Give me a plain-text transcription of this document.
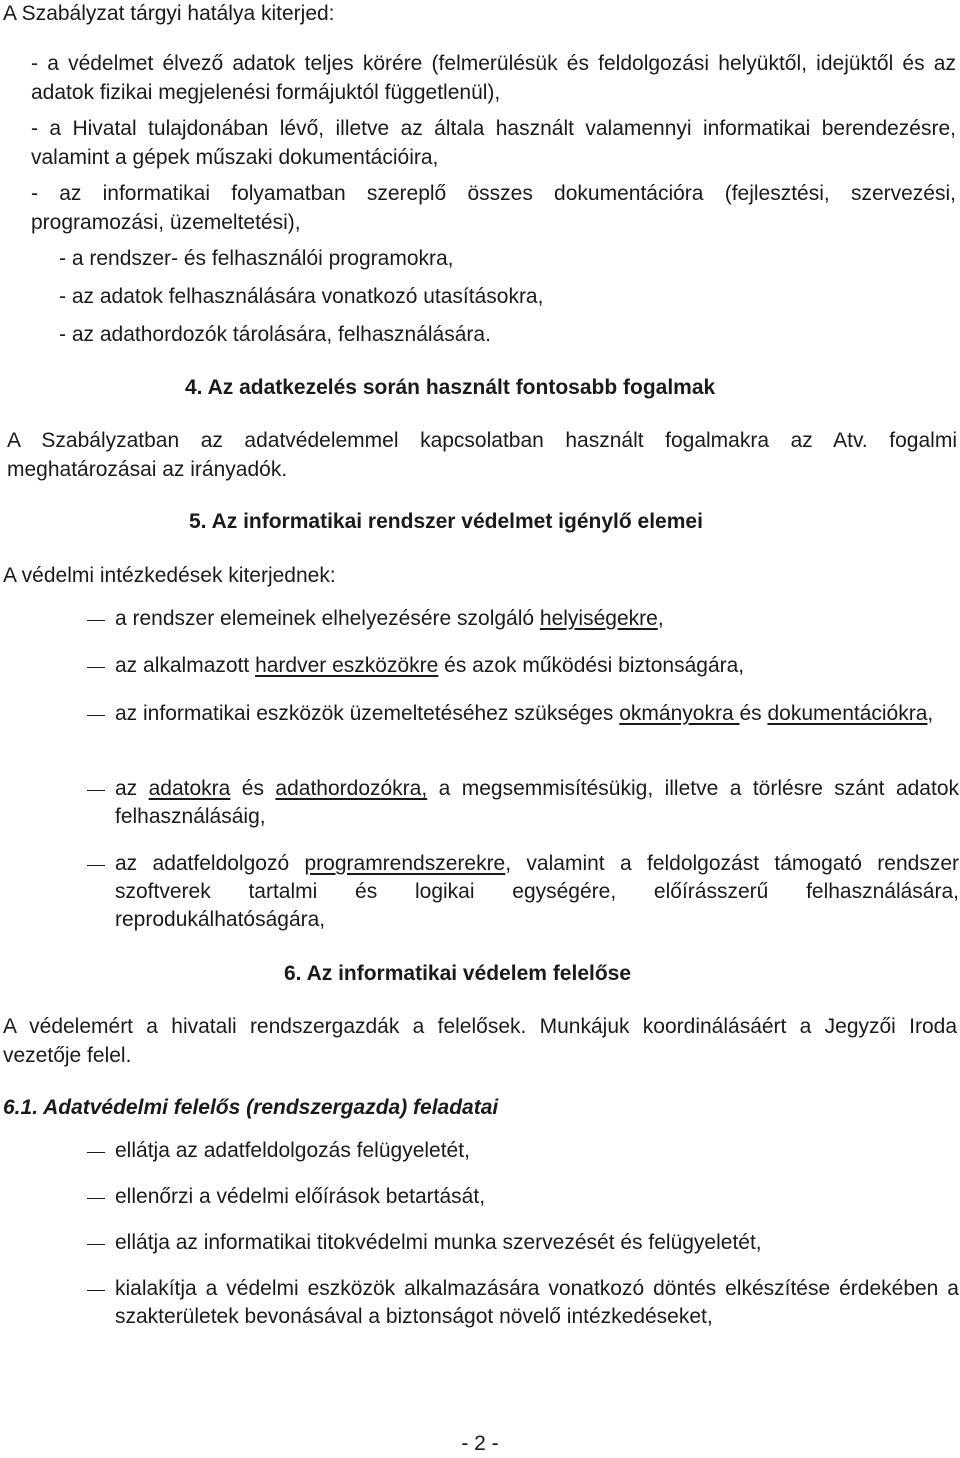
A Szabályzat tárgyi hatálya kiterjed:

- a védelmet élvező adatok teljes körére (felmerülésük és feldolgozási helyüktől, idejüktől és az adatok fizikai megjelenési formájuktól függetlenül),

- a Hivatal tulajdonában lévő, illetve az általa használt valamennyi informatikai berendezésre, valamint a gépek műszaki dokumentációira,

- az informatikai folyamatban szereplő összes dokumentációra (fejlesztési, szervezési, programozási, üzemeltetési),

- a rendszer- és felhasználói programokra,

- az adatok felhasználására vonatkozó utasításokra,

- az adathordozók tárolására, felhasználására.

4. Az adatkezelés során használt fontosabb fogalmak

A Szabályzatban az adatvédelemmel kapcsolatban használt fogalmakra az Atv. fogalmi meghatározásai az irányadók.

5. Az informatikai rendszer védelmet igénylő elemei

A védelmi intézkedések kiterjednek:

a rendszer elemeinek elhelyezésére szolgáló helyiségekre,

az alkalmazott hardver eszközökre és azok működési biztonságára,

az informatikai eszközök üzemeltetéséhez szükséges okmányokra és dokumentációkra,

az adatokra és adathordozókra, a megsemmisítésükig, illetve a törlésre szánt adatok felhasználásáig,

az adatfeldolgozó programrendszerekre, valamint a feldolgozást támogató rendszer szoftverek tartalmi és logikai egységére, előírásszerű felhasználására, reprodukálhatóságára,

6. Az informatikai védelem felelőse

A védelemért a hivatali rendszergazdák a felelősek. Munkájuk koordinálásáért a Jegyzői Iroda vezetője felel.

6.1. Adatvédelmi felelős (rendszergazda) feladatai

ellátja az adatfeldolgozás felügyeletét,

ellenőrzi a védelmi előírások betartását,

ellátja az informatikai titokvédelmi munka szervezését és felügyeletét,

kialakítja a védelmi eszközök alkalmazására vonatkozó döntés elkészítése érdekében a szakterületek bevonásával a biztonságot növelő intézkedéseket,

- 2 -
